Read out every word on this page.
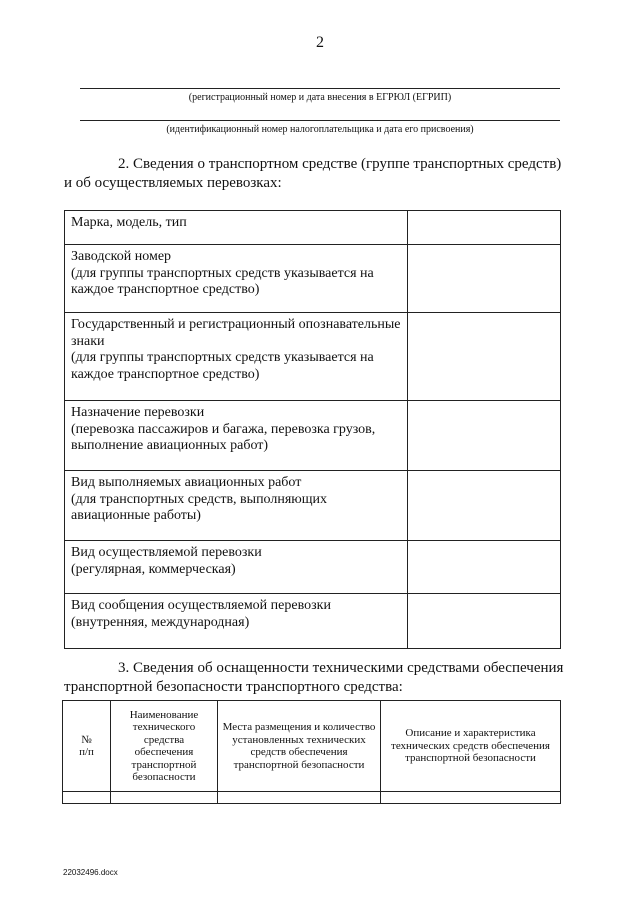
2
(регистрационный номер и дата внесения в ЕГРЮЛ (ЕГРИП)
(идентификационный номер налогоплательщика и дата его присвоения)
2. Сведения о транспортном средстве (группе транспортных средств)
и об осуществляемых перевозках:
Марка, модель, тип	
Заводской номер
(для группы транспортных средств указывается на каждое транспортное средство)	
Государственный и регистрационный опознавательные знаки
(для группы транспортных средств указывается на каждое транспортное средство)	
Назначение перевозки
(перевозка пассажиров и багажа, перевозка грузов, выполнение авиационных работ)	
Вид выполняемых авиационных работ
(для транспортных средств, выполняющих авиационные работы)	
Вид осуществляемой перевозки
(регулярная, коммерческая)	
Вид сообщения осуществляемой перевозки
(внутренняя, международная)	
3. Сведения об оснащенности техническими средствами обеспечения
транспортной безопасности транспортного средства:
№
п/п	Наименование технического средства обеспечения транспортной безопасности	Места размещения и количество установленных технических средств обеспечения транспортной безопасности	Описание и характеристика технических средств обеспечения транспортной безопасности

22032496.docx
